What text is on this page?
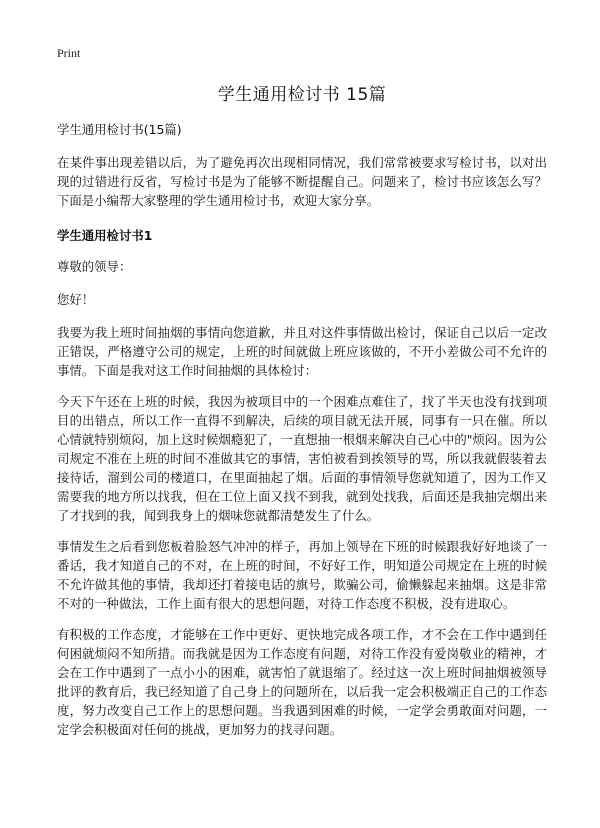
Print
学生通用检讨书 15篇

学生通用检讨书(15篇)

在某件事出现差错以后，为了避免再次出现相同情况，我们常常被要求写检讨书，以对出现的过错进行反省，写检讨书是为了能够不断提醒自己。问题来了，检讨书应该怎么写？下面是小编帮大家整理的学生通用检讨书，欢迎大家分享。

学生通用检讨书1

尊敬的领导：

您好！

我要为我上班时间抽烟的事情向您道歉，并且对这件事情做出检讨，保证自己以后一定改正错误，严格遵守公司的规定，上班的时间就做上班应该做的，不开小差做公司不允许的事情。下面是我对这工作时间抽烟的具体检讨：

今天下午还在上班的时候，我因为被项目中的一个困难点难住了，找了半天也没有找到项目的出错点，所以工作一直得不到解决，后续的项目就无法开展，同事有一只在催。所以心情就特别烦闷，加上这时候烟瘾犯了，一直想抽一根烟来解决自己心中的"烦闷。因为公司规定不准在上班的时间不准做其它的事情，害怕被看到挨领导的骂，所以我就假装着去接待话，溜到公司的楼道口，在里面抽起了烟。后面的事情领导您就知道了，因为工作又需要我的地方所以找我，但在工位上面又找不到我，就到处找我，后面还是我抽完烟出来了才找到的我，闻到我身上的烟味您就都清楚发生了什么。

事情发生之后看到您板着脸怒气冲冲的样子，再加上领导在下班的时候跟我好好地谈了一番话，我才知道自己的不对，在上班的时间，不好好工作，明知道公司规定在上班的时候不允许做其他的事情，我却还打着接电话的旗号，欺骗公司，偷懒躲起来抽烟。这是非常不对的一种做法，工作上面有很大的思想问题，对待工作态度不积极，没有进取心。

有积极的工作态度，才能够在工作中更好、更快地完成各项工作，才不会在工作中遇到任何困就烦闷不知所措。而我就是因为工作态度有问题，对待工作没有爱岗敬业的精神，才会在工作中遇到了一点小小的困难，就害怕了就退缩了。经过这一次上班时间抽烟被领导批评的教育后，我已经知道了自己身上的问题所在，以后我一定会积极端正自己的工作态度，努力改变自己工作上的思想问题。当我遇到困难的时候，一定学会勇敢面对问题，一定学会积极面对任何的挑战，更加努力的找寻问题。
